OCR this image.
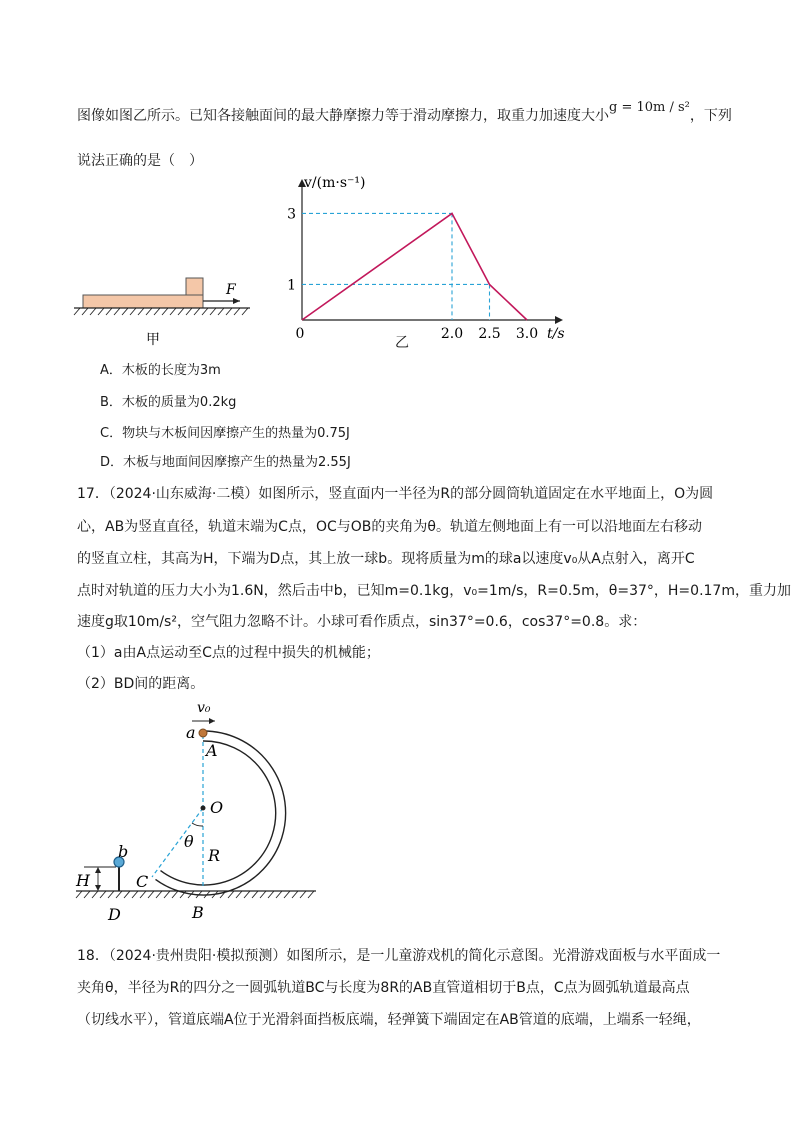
图像如图乙所示。已知各接触面间的最大静摩擦力等于滑动摩擦力，取重力加速度大小g = 10m / s²，下列

说法正确的是（　）

F
甲	0	2.0 2.5 3.0
1
3
v/(m·s⁻¹)
t/s
乙

A．木板的长度为3m

B．木板的质量为0.2kg

C．物块与木板间因摩擦产生的热量为0.75J

D．木板与地面间因摩擦产生的热量为2.55J

17．（2024·山东威海·二模）如图所示，竖直面内一半径为R的部分圆筒轨道固定在水平地面上，O为圆

心，AB为竖直直径，轨道末端为C点，OC与OB的夹角为θ。轨道左侧地面上有一可以沿地面左右移动

的竖直立柱，其高为H，下端为D点，其上放一球b。现将质量为m的球a以速度v₀从A点射入，离开C

点时对轨道的压力大小为1.6N，然后击中b，已知m=0.1kg，v₀=1m/s，R=0.5m，θ=37°，H=0.17m，重力加

速度g取10m/s²，空气阻力忽略不计。小球可看作质点，sin37°=0.6，cos37°=0.8。求：

（1）a由A点运动至C点的过程中损失的机械能；

（2）BD间的距离。

v₀
a
A
O
θ
R
b
H	C
D	B

18．（2024·贵州贵阳·模拟预测）如图所示，是一儿童游戏机的简化示意图。光滑游戏面板与水平面成一

夹角θ，半径为R的四分之一圆弧轨道BC与长度为8R的AB直管道相切于B点，C点为圆弧轨道最高点

（切线水平），管道底端A位于光滑斜面挡板底端，轻弹簧下端固定在AB管道的底端，上端系一轻绳，
